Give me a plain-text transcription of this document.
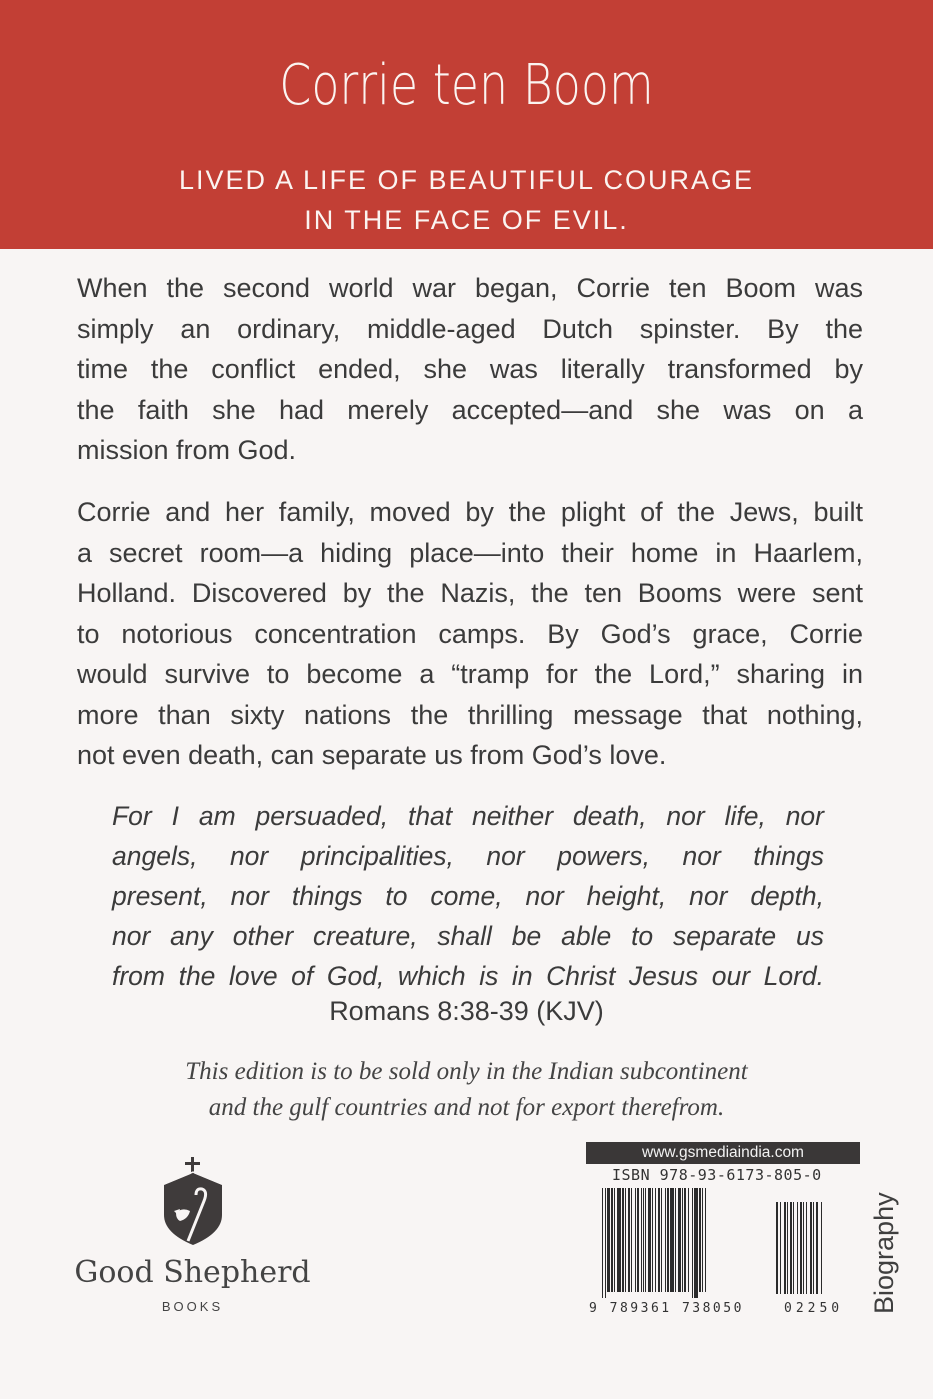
Corrie ten Boom
LIVED A LIFE OF BEAUTIFUL COURAGE
IN THE FACE OF EVIL.
When the second world war began, Corrie ten Boom was
simply an ordinary, middle-aged Dutch spinster. By the
time the conflict ended, she was literally transformed by
the faith she had merely accepted—and she was on a
mission from God.
Corrie and her family, moved by the plight of the Jews, built
a secret room—a hiding place—into their home in Haarlem,
Holland. Discovered by the Nazis, the ten Booms were sent
to notorious concentration camps. By God’s grace, Corrie
would survive to become a “tramp for the Lord,” sharing in
more than sixty nations the thrilling message that nothing,
not even death, can separate us from God’s love.
For I am persuaded, that neither death, nor life, nor
angels, nor principalities, nor powers, nor things
present, nor things to come, nor height, nor depth,
nor any other creature, shall be able to separate us
from the love of God, which is in Christ Jesus our Lord.
Romans 8:38-39 (KJV)
This edition is to be sold only in the Indian subcontinent
and the gulf countries and not for export therefrom.
Good Shepherd
BOOKS
www.gsmediaindia.com
ISBN 978-93-6173-805-0
9 789361 738050	02250 Biography
